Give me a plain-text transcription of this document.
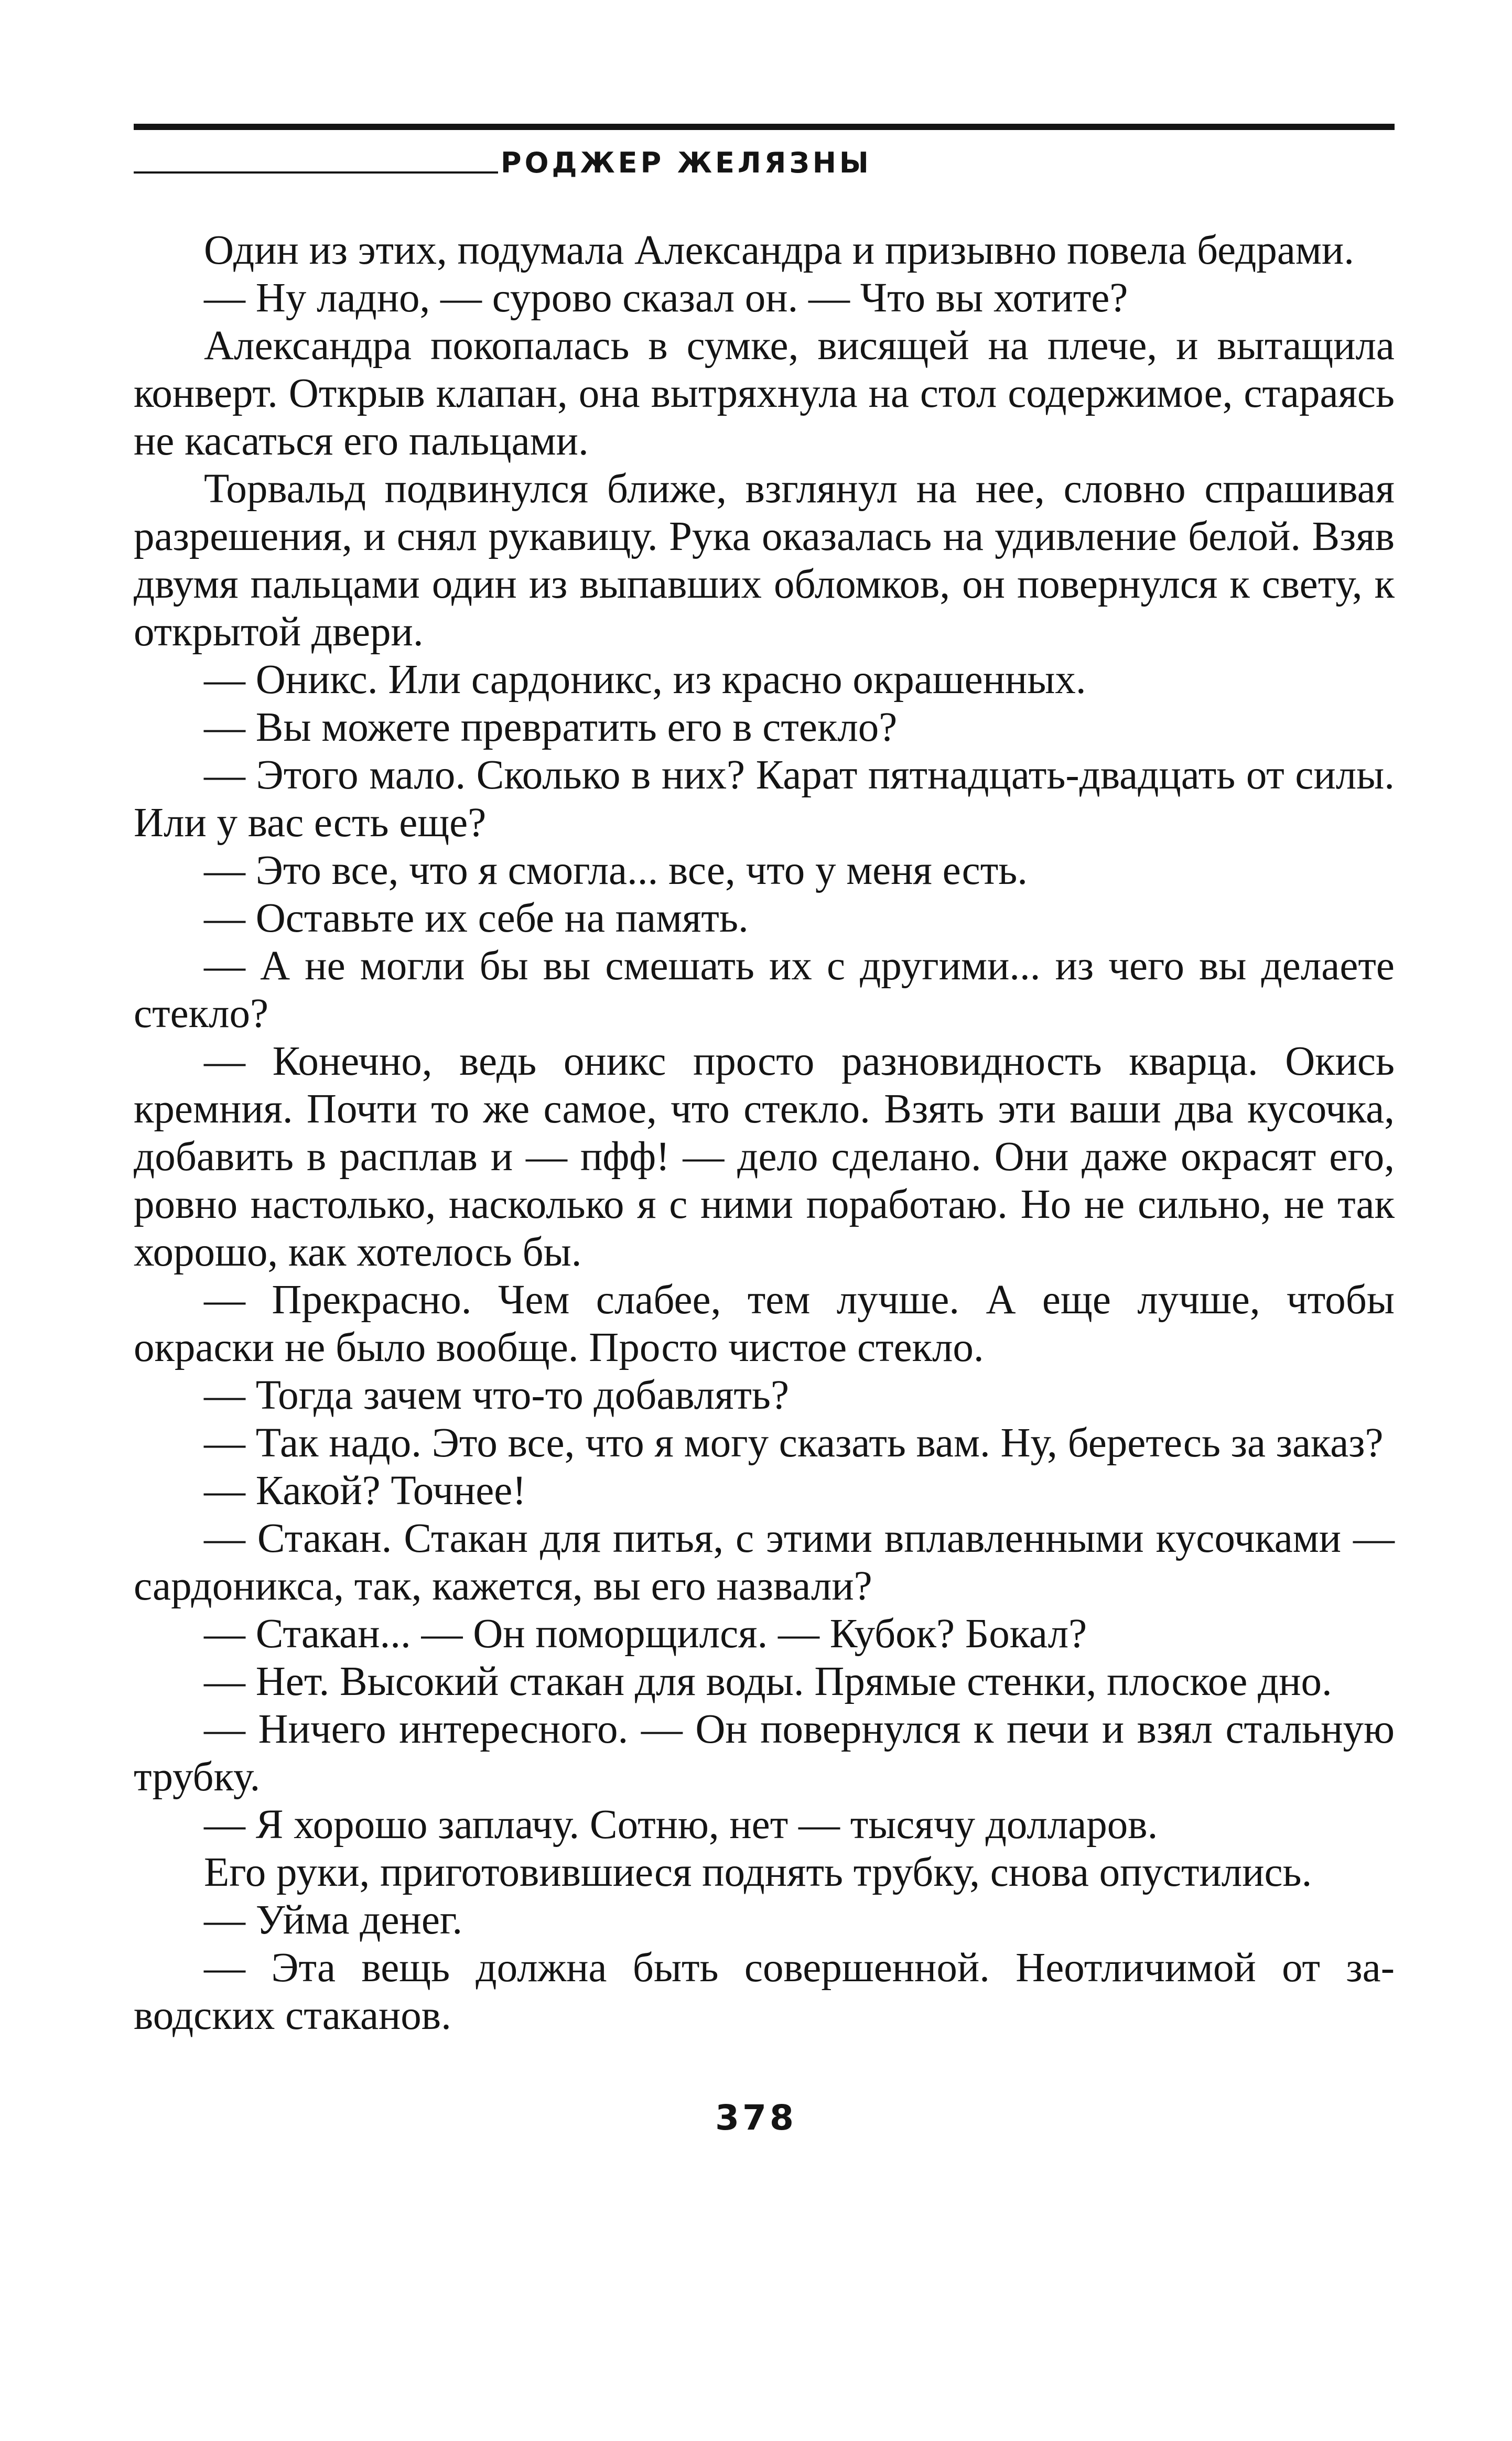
РОДЖЕР ЖЕЛЯЗНЫ

Один из этих, подумала Александра и призывно повела бедрами.

— Ну ладно, — сурово сказал он. — Что вы хотите?

Александра покопалась в сумке, висящей на плече, и вытащила конверт. Открыв клапан, она вытряхнула на стол содержимое, стараясь не касаться его пальцами.

Торвальд подвинулся ближе, взглянул на нее, словно спрашивая разрешения, и снял рукавицу. Рука оказалась на удивление белой. Взяв двумя пальцами один из выпавших обломков, он повернулся к свету, к открытой двери.

— Оникс. Или сардоникс, из красно окрашенных.

— Вы можете превратить его в стекло?

— Этого мало. Сколько в них? Карат пятнадцать-двадцать от силы. Или у вас есть еще?

— Это все, что я смогла... все, что у меня есть.

— Оставьте их себе на память.

— А не могли бы вы смешать их с другими... из чего вы делаете стекло?

— Конечно, ведь оникс просто разновидность кварца. Окись кремния. Почти то же самое, что стекло. Взять эти ваши два кусочка, добавить в расплав и — пфф! — дело сделано. Они даже окрасят его, ровно настолько, насколько я с ними поработаю. Но не сильно, не так хорошо, как хотелось бы.

— Прекрасно. Чем слабее, тем лучше. А еще лучше, чтобы окраски не было вообще. Просто чистое стекло.

— Тогда зачем что-то добавлять?

— Так надо. Это все, что я могу сказать вам. Ну, беретесь за заказ?

— Какой? Точнее!

— Стакан. Стакан для питья, с этими вплавленными кусочками — сардоникса, так, кажется, вы его назвали?

— Стакан... — Он поморщился. — Кубок? Бокал?

— Нет. Высокий стакан для воды. Прямые стенки, плоское дно.

— Ничего интересного. — Он повернулся к печи и взял стальную трубку.

— Я хорошо заплачу. Сотню, нет — тысячу долларов.

Его руки, приготовившиеся поднять трубку, снова опустились.

— Уйма денег.

— Эта вещь должна быть совершенной. Неотличимой от заводских стаканов.

378
